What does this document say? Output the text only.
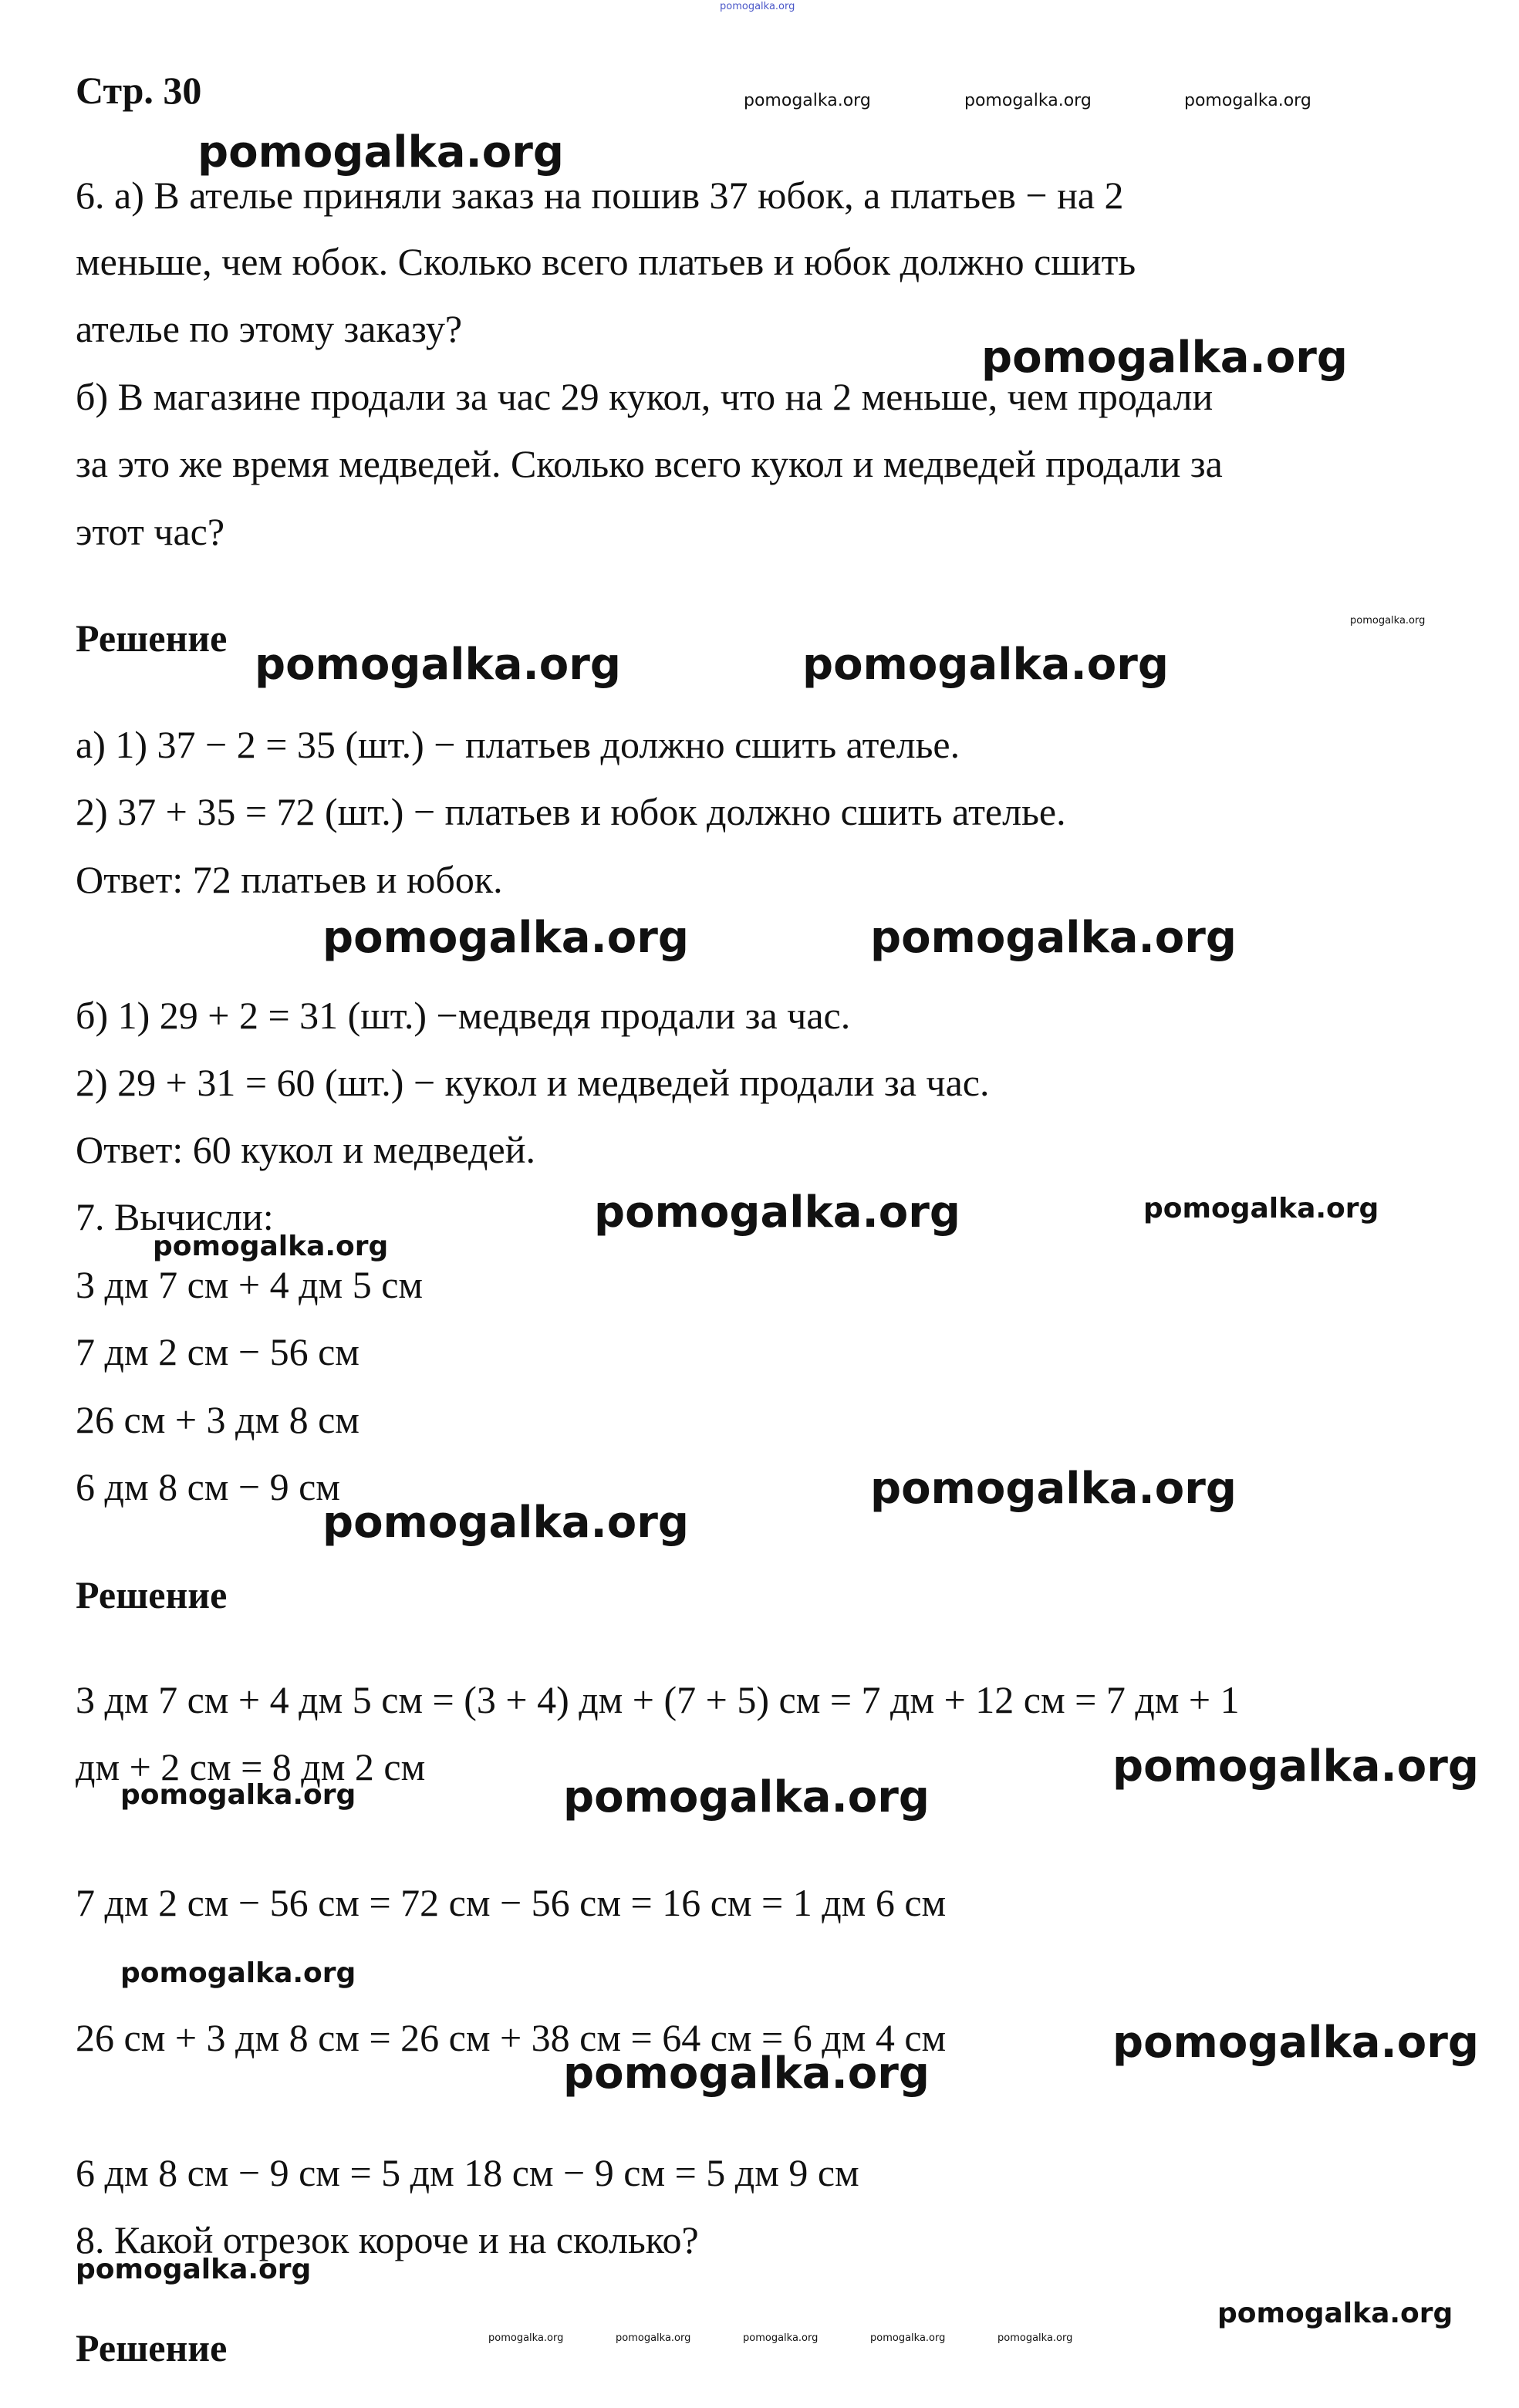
pomogalka.org
Стр. 30	pomogalka.org	pomogalka.org	pomogalka.org
6. а) В ателье приняли заказ на пошив 37 юбок, а платьев − на 2
меньше, чем юбок. Сколько всего платьев и юбок должно сшить
ателье по этому заказу?
б) В магазине продали за час 29 кукол, что на 2 меньше, чем продали
за это же время медведей. Сколько всего кукол и медведей продали за
этот час?
Решение	pomogalka.org
а) 1) 37 − 2 = 35 (шт.) − платьев должно сшить ателье.
2) 37 + 35 = 72 (шт.) − платьев и юбок должно сшить ателье.
Ответ: 72 платьев и юбок.
б) 1) 29 + 2 = 31 (шт.) −медведя продали за час.
2) 29 + 31 = 60 (шт.) − кукол и медведей продали за час.
Ответ: 60 кукол и медведей.
7. Вычисли:
3 дм 7 см + 4 дм 5 см
7 дм 2 см − 56 см
26 см + 3 дм 8 см
6 дм 8 см − 9 см
Решение
3 дм 7 см + 4 дм 5 см = (3 + 4) дм + (7 + 5) см = 7 дм + 12 см = 7 дм + 1
дм + 2 см = 8 дм 2 см
7 дм 2 см − 56 см = 72 см − 56 см = 16 см = 1 дм 6 см
26 см + 3 дм 8 см = 26 см + 38 см = 64 см = 6 дм 4 см
6 дм 8 см − 9 см = 5 дм 18 см − 9 см = 5 дм 9 см
8. Какой отрезок короче и на сколько?
Решение
pomogalka.org
pomogalka.org
pomogalka.org	pomogalka.org
pomogalka.org	pomogalka.org
pomogalka.org	pomogalka.org
pomogalka.org
pomogalka.org
pomogalka.org
pomogalka.org
pomogalka.org	pomogalka.org
pomogalka.org
pomogalka.org
pomogalka.org
pomogalka.org
pomogalka.org
pomogalka.org	pomogalka.org	pomogalka.org	pomogalka.org	pomogalka.org
